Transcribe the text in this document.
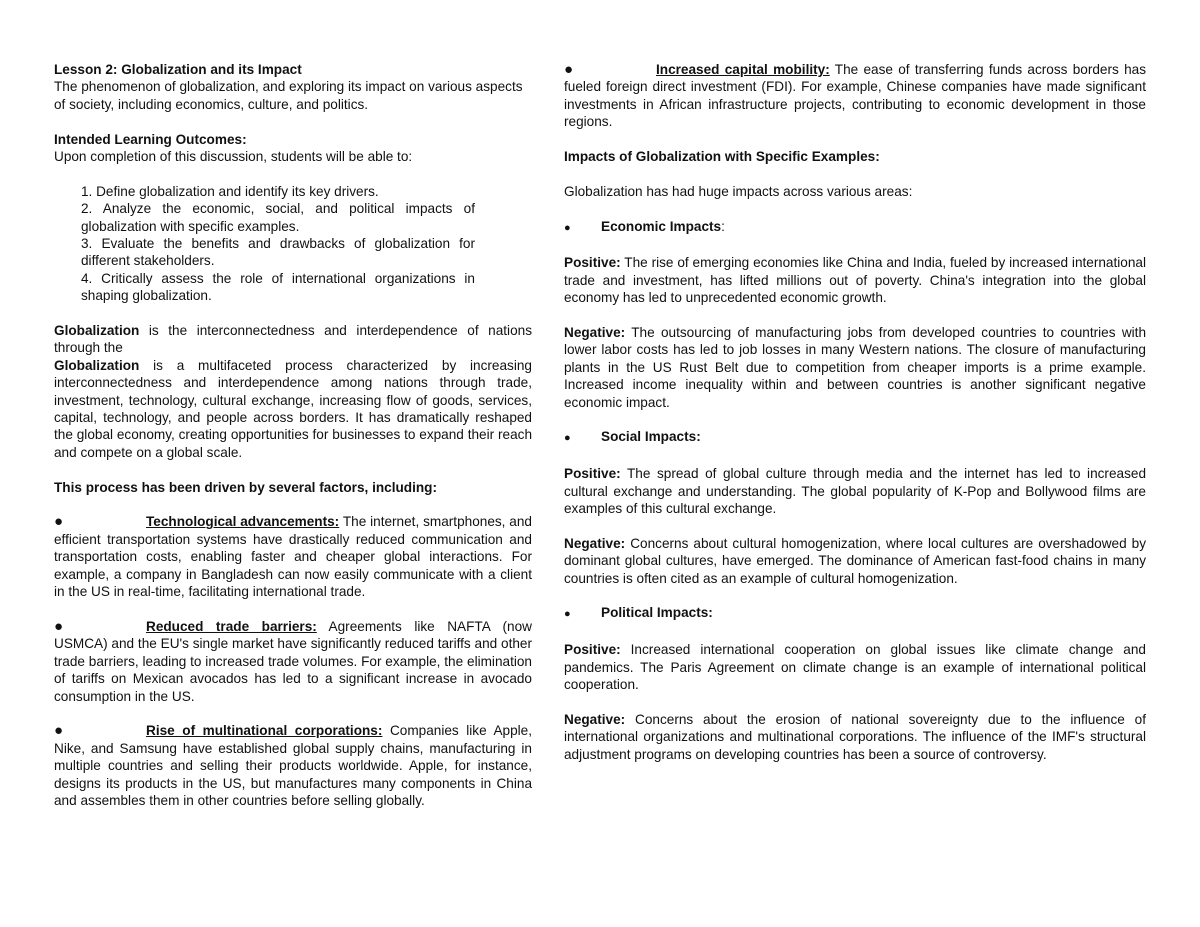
Lesson 2: Globalization and its Impact

The phenomenon of globalization, and exploring its impact on various aspects of society, including economics, culture, and politics.

Intended Learning Outcomes:

Upon completion of this discussion, students will be able to:

1. Define globalization and identify its key drivers.
2. Analyze the economic, social, and political impacts of globalization with specific examples.
3. Evaluate the benefits and drawbacks of globalization for different stakeholders.
4. Critically assess the role of international organizations in shaping globalization.

Globalization is the interconnectedness and interdependence of nations through the

Globalization is a multifaceted process characterized by increasing interconnectedness and interdependence among nations through trade, investment, technology, cultural exchange, increasing flow of goods, services, capital, technology, and people across borders. It has dramatically reshaped the global economy, creating opportunities for businesses to expand their reach and compete on a global scale.

This process has been driven by several factors, including:

●	Technological advancements: The internet, smartphones, and efficient transportation systems have drastically reduced communication and transportation costs, enabling faster and cheaper global interactions. For example, a company in Bangladesh can now easily communicate with a client in the US in real-time, facilitating international trade.

●	Reduced trade barriers: Agreements like NAFTA (now USMCA) and the EU's single market have significantly reduced tariffs and other trade barriers, leading to increased trade volumes. For example, the elimination of tariffs on Mexican avocados has led to a significant increase in avocado consumption in the US.

●	Rise of multinational corporations: Companies like Apple, Nike, and Samsung have established global supply chains, manufacturing in multiple countries and selling their products worldwide. Apple, for instance, designs its products in the US, but manufactures many components in China and assembles them in other countries before selling globally.

●	Increased capital mobility: The ease of transferring funds across borders has fueled foreign direct investment (FDI). For example, Chinese companies have made significant investments in African infrastructure projects, contributing to economic development in those regions.

Impacts of Globalization with Specific Examples:

Globalization has had huge impacts across various areas:

● Economic Impacts:

Positive: The rise of emerging economies like China and India, fueled by increased international trade and investment, has lifted millions out of poverty. China's integration into the global economy has led to unprecedented economic growth.

Negative: The outsourcing of manufacturing jobs from developed countries to countries with lower labor costs has led to job losses in many Western nations. The closure of manufacturing plants in the US Rust Belt due to competition from cheaper imports is a prime example. Increased income inequality within and between countries is another significant negative economic impact.

● Social Impacts:

Positive: The spread of global culture through media and the internet has led to increased cultural exchange and understanding. The global popularity of K-Pop and Bollywood films are examples of this cultural exchange.

Negative: Concerns about cultural homogenization, where local cultures are overshadowed by dominant global cultures, have emerged. The dominance of American fast-food chains in many countries is often cited as an example of cultural homogenization.

● Political Impacts:

Positive: Increased international cooperation on global issues like climate change and pandemics. The Paris Agreement on climate change is an example of international political cooperation.

Negative: Concerns about the erosion of national sovereignty due to the influence of international organizations and multinational corporations. The influence of the IMF's structural adjustment programs on developing countries has been a source of controversy.
